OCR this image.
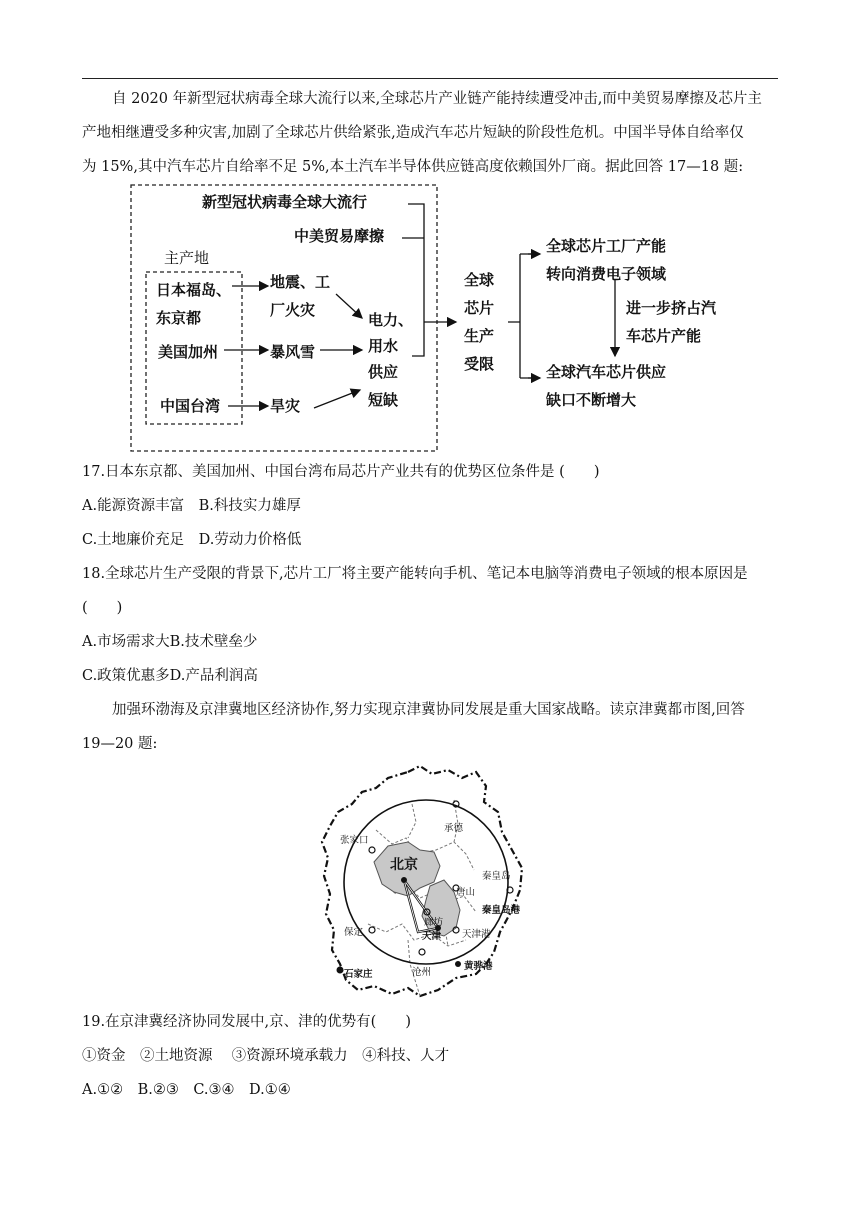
自 2020 年新型冠状病毒全球大流行以来,全球芯片产业链产能持续遭受冲击,而中美贸易摩擦及芯片主
产地相继遭受多种灾害,加剧了全球芯片供给紧张,造成汽车芯片短缺的阶段性危机。中国半导体自给率仅
为 15%,其中汽车芯片自给率不足 5%,本土汽车半导体供应链高度依赖国外厂商。据此回答 17—18 题:
新型冠状病毒全球大流行
中美贸易摩擦
主产地
日本福岛、
东京都
美国加州
中国台湾
地震、工
厂火灾
暴风雪
旱灾
电力、
用水
供应
短缺
全球
芯片
生产
受限
全球芯片工厂产能
转向消费电子领域
进一步挤占汽
车芯片产能
全球汽车芯片供应
缺口不断增大
17.日本东京都、美国加州、中国台湾布局芯片产业共有的优势区位条件是 (　　)
A.能源资源丰富　B.科技实力雄厚
C.土地廉价充足　D.劳动力价格低
18.全球芯片生产受限的背景下,芯片工厂将主要产能转向手机、笔记本电脑等消费电子领域的根本原因是
(　　)
A.市场需求大B.技术壁垒少
C.政策优惠多D.产品利润高
加强环渤海及京津冀地区经济协作,努力实现京津冀协同发展是重大国家战略。读京津冀都市图,回答
19—20 题:
张家口
承德
北京
秦皇岛
唐山
秦皇岛港
廊坊
保定	天津 天津港
石家庄	沧州
黄骅港
19.在京津冀经济协同发展中,京、津的优势有(　　)
①资金　②土地资源　 ③资源环境承载力　④科技、人才
A.①②　B.②③　C.③④　D.①④
